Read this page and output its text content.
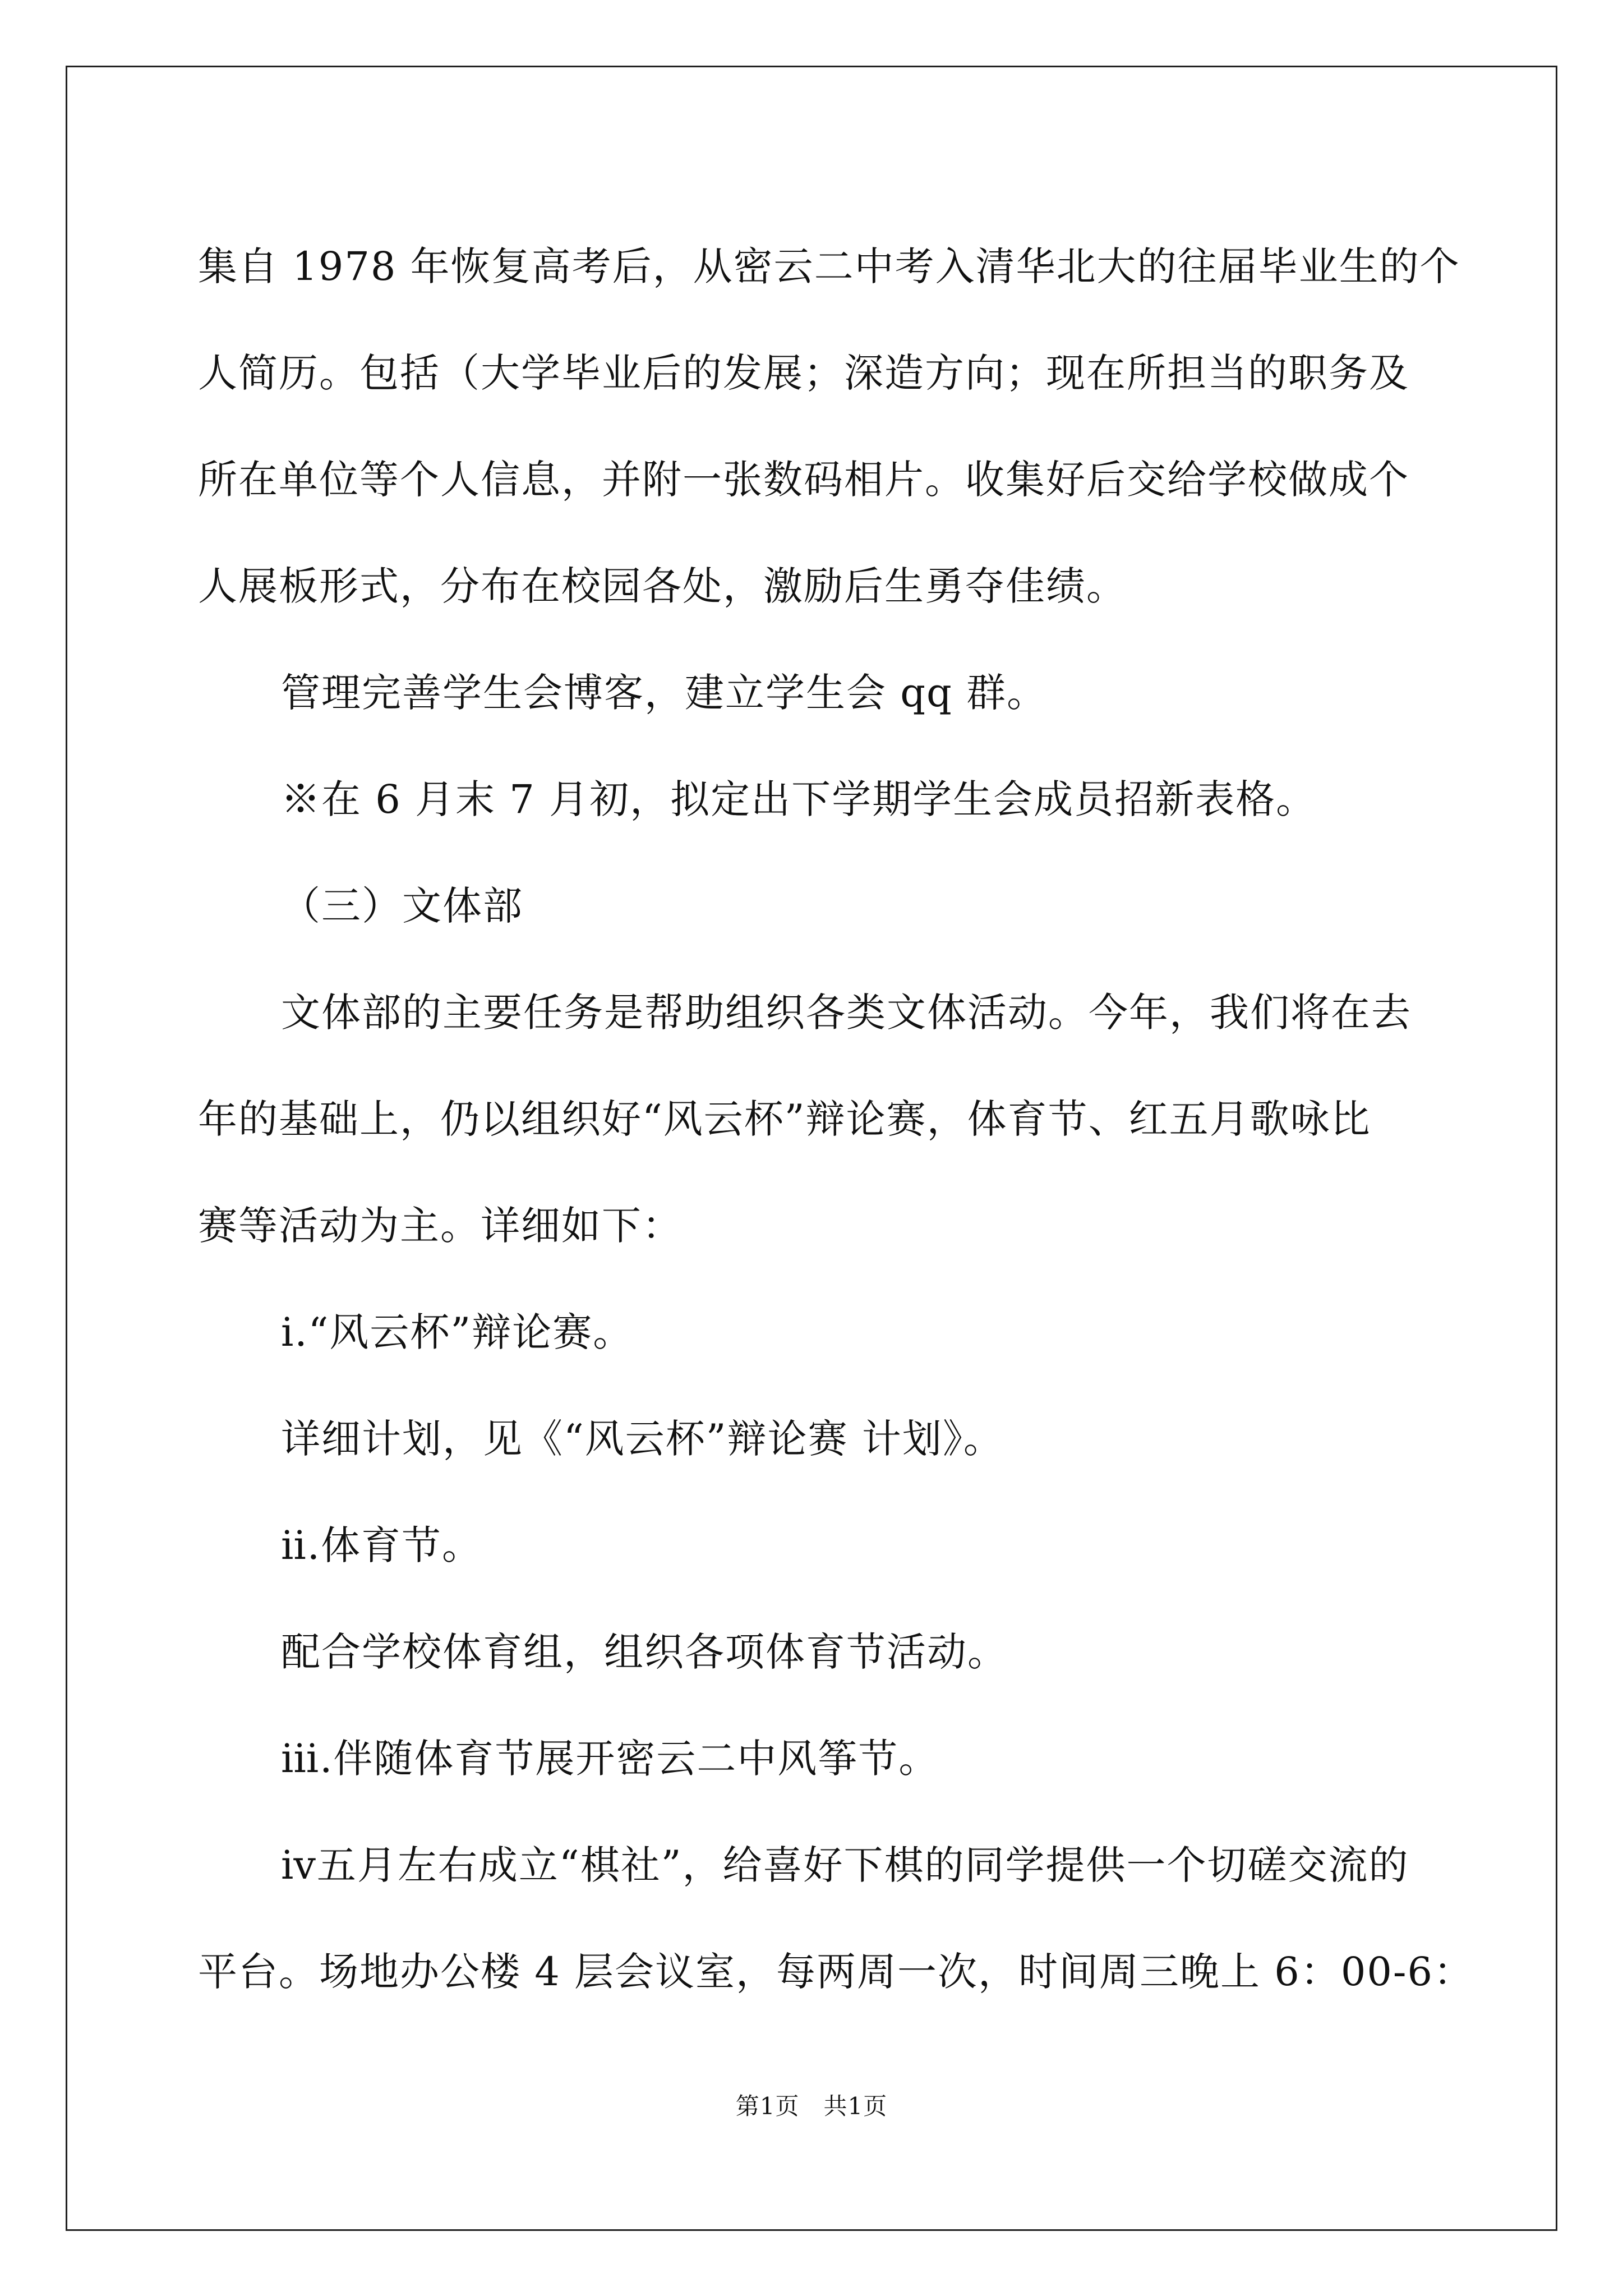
集自 1978 年恢复高考后，从密云二中考入清华北大的往届毕业生的个

人简历。包括（大学毕业后的发展；深造方向；现在所担当的职务及

所在单位等个人信息，并附一张数码相片。收集好后交给学校做成个

人展板形式，分布在校园各处，激励后生勇夺佳绩。

管理完善学生会博客，建立学生会 qq 群。

※在 6 月末 7 月初，拟定出下学期学生会成员招新表格。

（三）文体部

文体部的主要任务是帮助组织各类文体活动。今年，我们将在去

年的基础上，仍以组织好“风云杯”辩论赛，体育节、红五月歌咏比

赛等活动为主。详细如下：

ⅰ.“风云杯”辩论赛。

详细计划，见《“风云杯”辩论赛 计划》。

ⅱ.体育节。

配合学校体育组，组织各项体育节活动。

ⅲ.伴随体育节展开密云二中风筝节。

ⅳ五月左右成立“棋社”，给喜好下棋的同学提供一个切磋交流的

平台。场地办公楼 4 层会议室，每两周一次，时间周三晚上 6：00-6：

第1页　共1页
